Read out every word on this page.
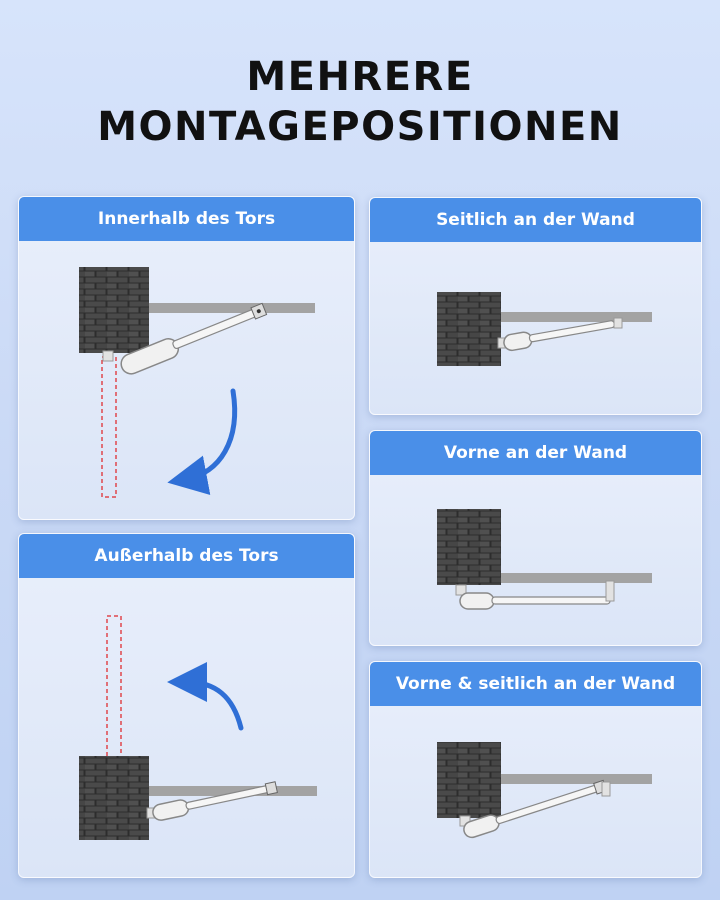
MEHRERE
MONTAGEPOSITIONEN
Innerhalb des Tors	Seitlich an der Wand
Vorne an der Wand
Außerhalb des Tors
Vorne & seitlich an der Wand
